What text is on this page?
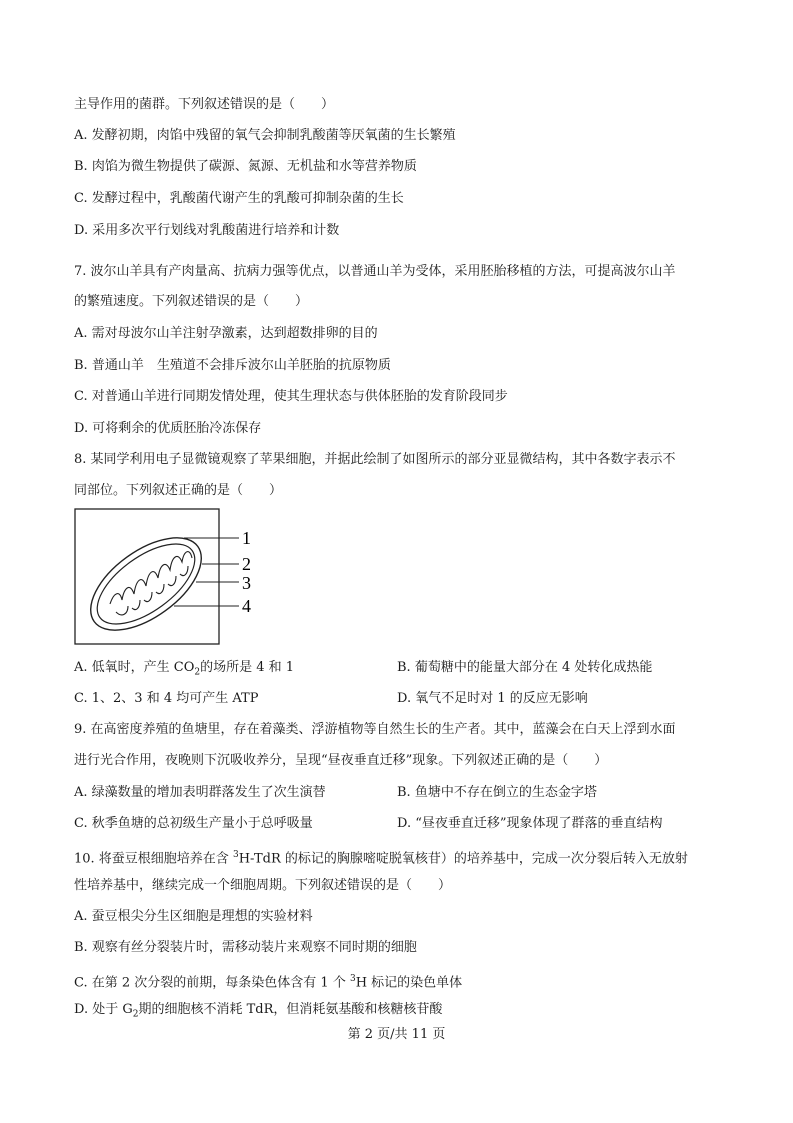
主导作用的菌群。下列叙述错误的是（　　）
A. 发酵初期，肉馅中残留的氧气会抑制乳酸菌等厌氧菌的生长繁殖
B. 肉馅为微生物提供了碳源、氮源、无机盐和水等营养物质
C. 发酵过程中，乳酸菌代谢产生的乳酸可抑制杂菌的生长
D. 采用多次平行划线对乳酸菌进行培养和计数
7. 波尔山羊具有产肉量高、抗病力强等优点，以普通山羊为受体，采用胚胎移植的方法，可提高波尔山羊
的繁殖速度。下列叙述错误的是（　　）
A. 需对母波尔山羊注射孕激素，达到超数排卵的目的
B. 普通山羊　生殖道不会排斥波尔山羊胚胎的抗原物质
C. 对普通山羊进行同期发情处理，使其生理状态与供体胚胎的发育阶段同步
D. 可将剩余的优质胚胎冷冻保存
8. 某同学利用电子显微镜观察了苹果细胞，并据此绘制了如图所示的部分亚显微结构，其中各数字表示不
同部位。下列叙述正确的是（　　）
1
2
3
4
A. 低氧时，产生 $CO_2$的场所是 4 和 1	B. 葡萄糖中的能量大部分在 4 处转化成热能
C. 1、2、3 和 4 均可产生 ATP	D. 氧气不足时对 1 的反应无影响
9. 在高密度养殖的鱼塘里，存在着藻类、浮游植物等自然生长的生产者。其中，蓝藻会在白天上浮到水面
进行光合作用，夜晚则下沉吸收养分，呈现“昼夜垂直迁移”现象。下列叙述正确的是（　　）
A. 绿藻数量的增加表明群落发生了次生演替	B. 鱼塘中不存在倒立的生态金字塔
C. 秋季鱼塘的总初级生产量小于总呼吸量	D. “昼夜垂直迁移”现象体现了群落的垂直结构
10. 将蚕豆根细胞培养在含 $^3$H-TdR 的标记的胸腺嘧啶脱氧核苷）的培养基中，完成一次分裂后转入无放射
性培养基中，继续完成一个细胞周期。下列叙述错误的是（　　）
A. 蚕豆根尖分生区细胞是理想的实验材料
B. 观察有丝分裂装片时，需移动装片来观察不同时期的细胞
C. 在第 2 次分裂的前期，每条染色体含有 1 个 $^3$H 标记的染色单体
D. 处于 $G_2$期的细胞核不消耗 TdR，但消耗氨基酸和核糖核苷酸
第 2 页/共 11 页
